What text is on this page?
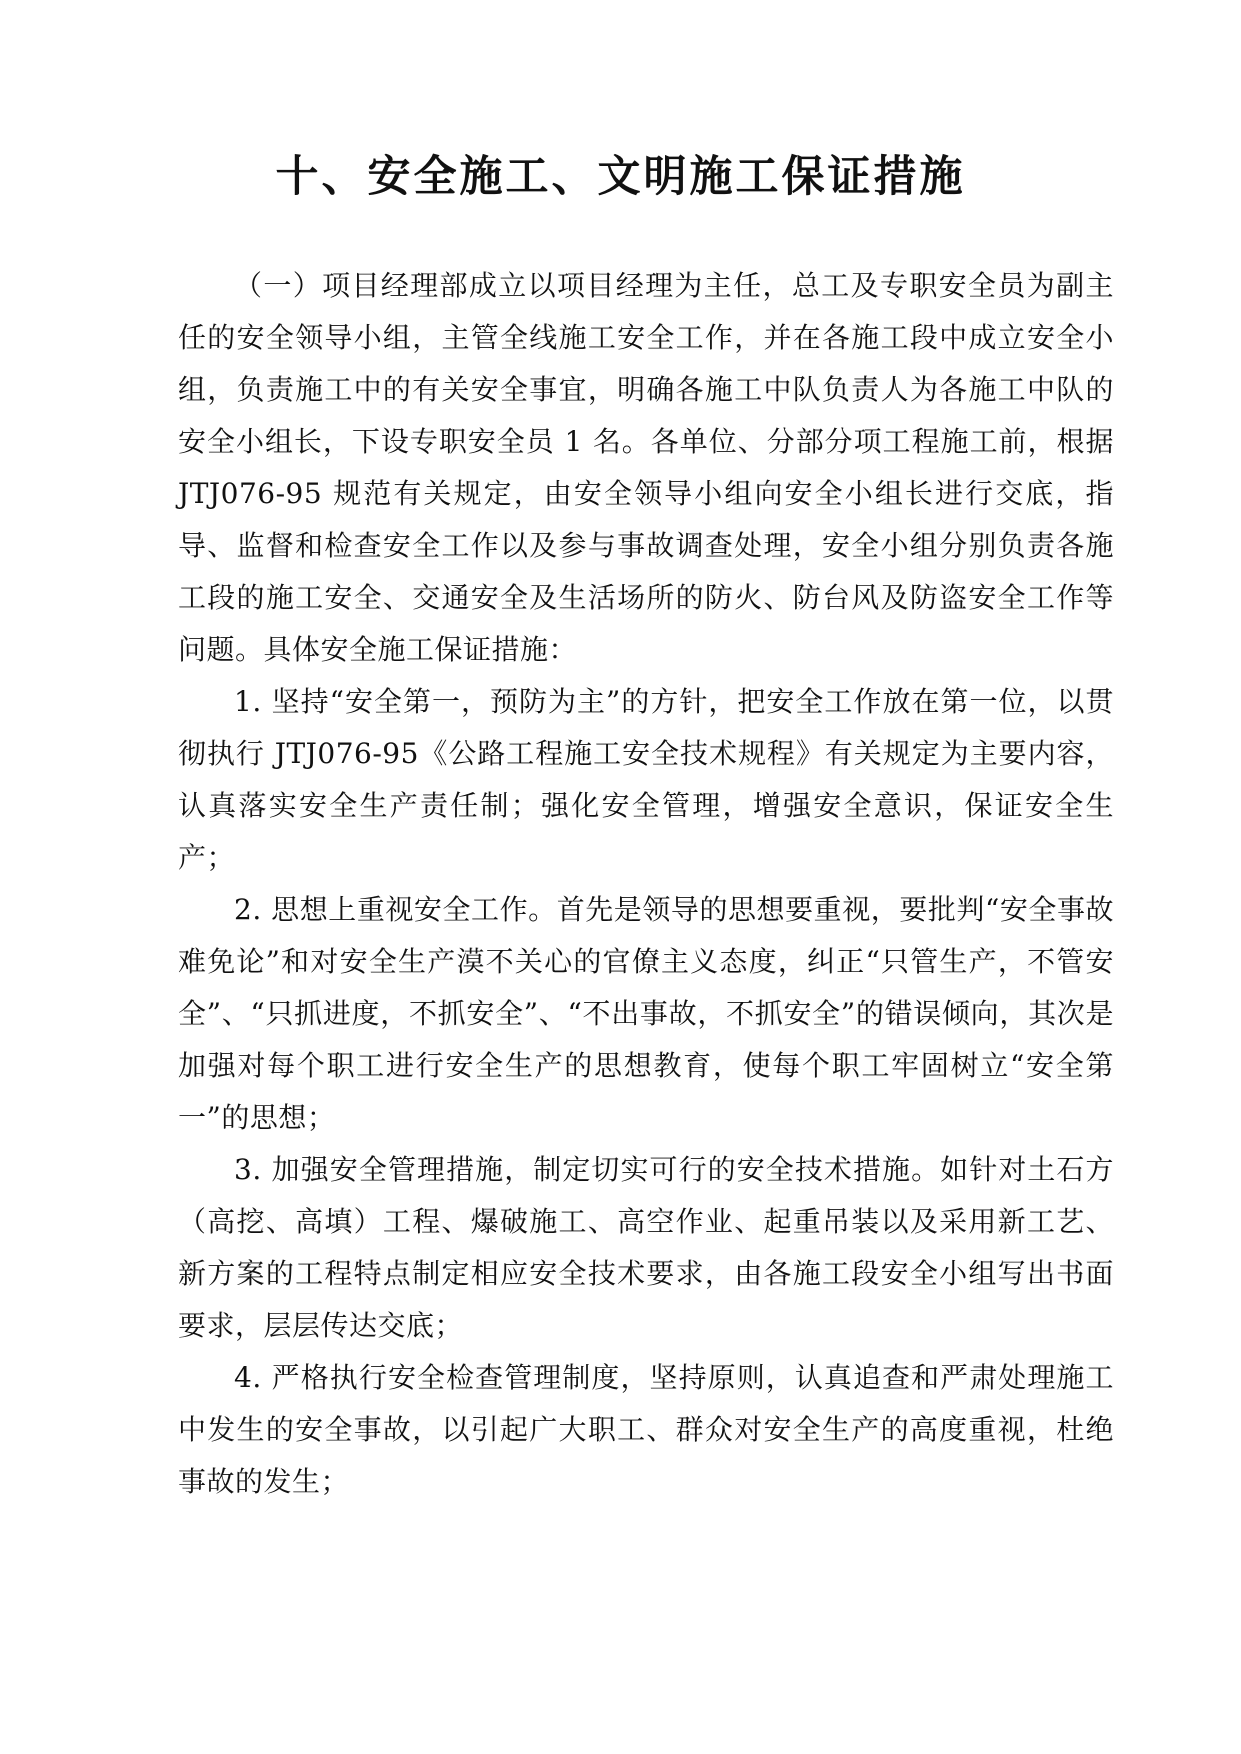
十、安全施工、文明施工保证措施

（一）项目经理部成立以项目经理为主任，总工及专职安全员为副主任的安全领导小组，主管全线施工安全工作，并在各施工段中成立安全小组，负责施工中的有关安全事宜，明确各施工中队负责人为各施工中队的安全小组长，下设专职安全员 1 名。各单位、分部分项工程施工前，根据 JTJ076-95 规范有关规定，由安全领导小组向安全小组长进行交底，指导、监督和检查安全工作以及参与事故调查处理，安全小组分别负责各施工段的施工安全、交通安全及生活场所的防火、防台风及防盗安全工作等问题。具体安全施工保证措施：

1. 坚持“安全第一，预防为主”的方针，把安全工作放在第一位，以贯彻执行 JTJ076-95《公路工程施工安全技术规程》有关规定为主要内容，认真落实安全生产责任制；强化安全管理，增强安全意识，保证安全生产；

2. 思想上重视安全工作。首先是领导的思想要重视，要批判“安全事故难免论”和对安全生产漠不关心的官僚主义态度，纠正“只管生产，不管安全”、“只抓进度，不抓安全”、“不出事故，不抓安全”的错误倾向，其次是加强对每个职工进行安全生产的思想教育，使每个职工牢固树立“安全第一”的思想；

3. 加强安全管理措施，制定切实可行的安全技术措施。如针对土石方（高挖、高填）工程、爆破施工、高空作业、起重吊装以及采用新工艺、新方案的工程特点制定相应安全技术要求，由各施工段安全小组写出书面要求，层层传达交底；

4. 严格执行安全检查管理制度，坚持原则，认真追查和严肃处理施工中发生的安全事故，以引起广大职工、群众对安全生产的高度重视，杜绝事故的发生；
